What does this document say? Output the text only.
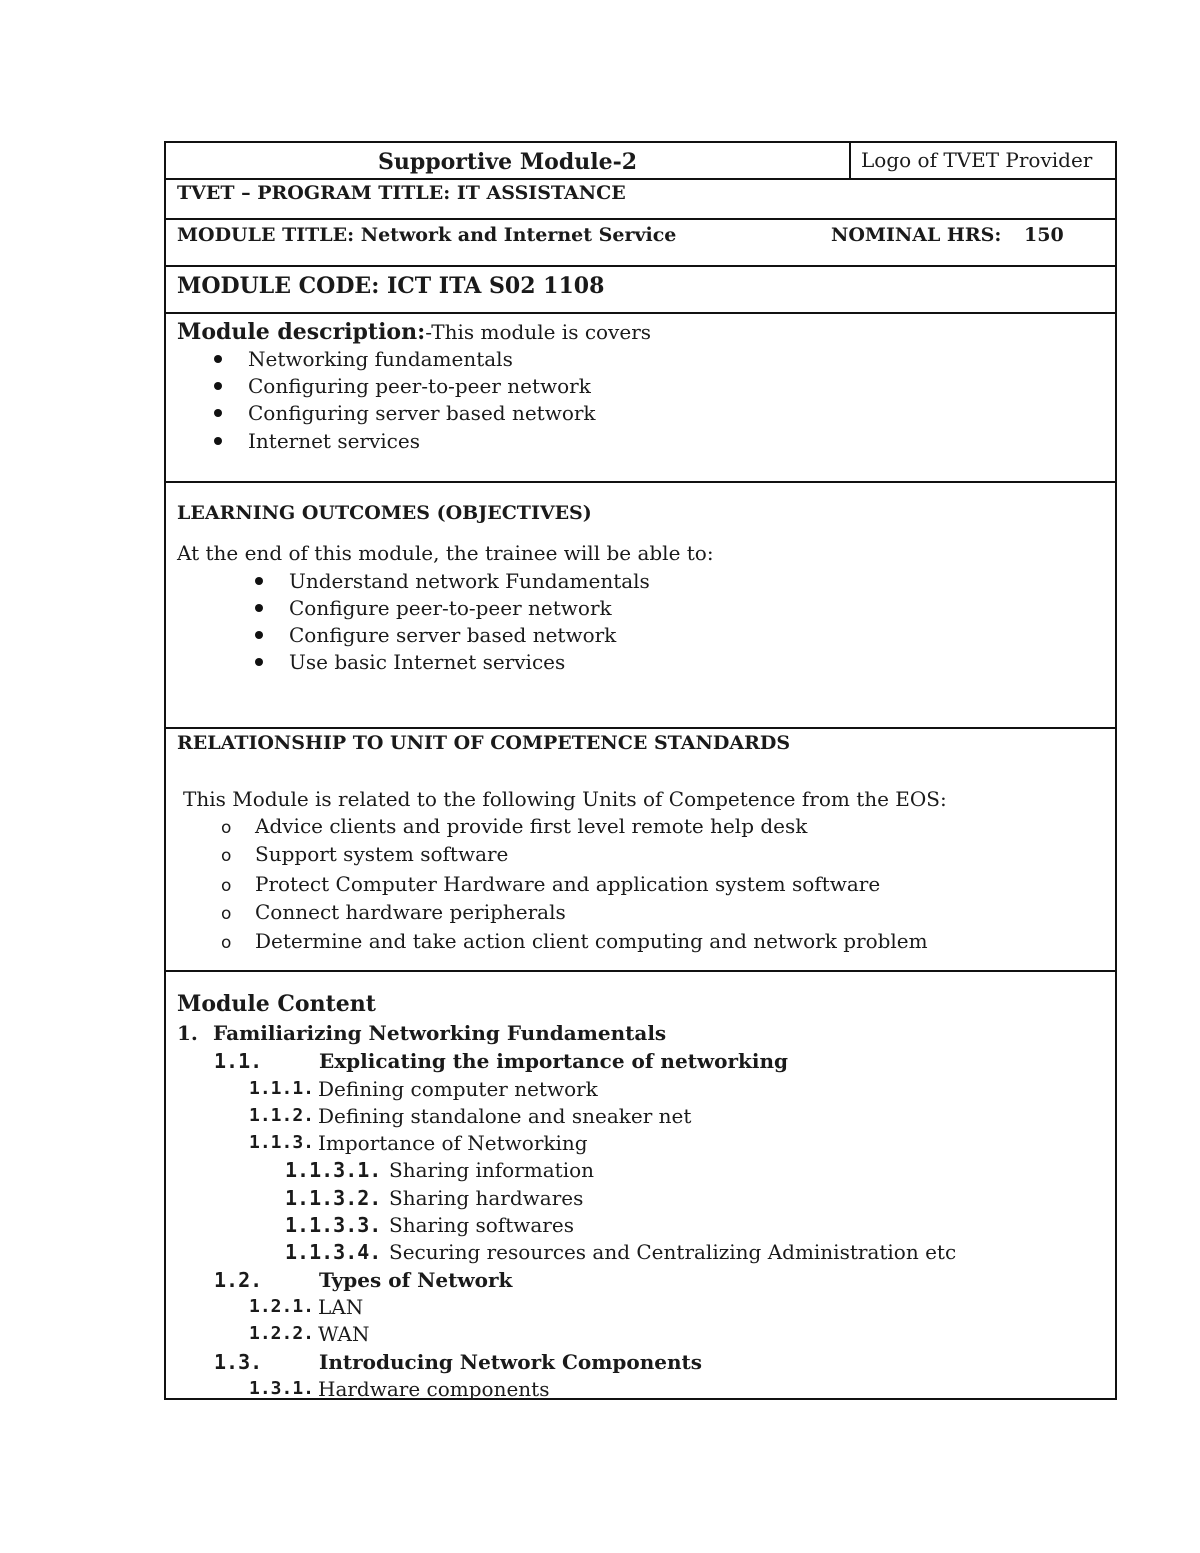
Supportive Module-2	Logo of TVET Provider
TVET – PROGRAM TITLE: IT ASSISTANCE
MODULE TITLE: Network and Internet Service	NOMINAL HRS: 150
MODULE CODE: ICT ITA S02 1108
Module description:-This module is covers
Networking fundamentals
Configuring peer-to-peer network
Configuring server based network
Internet services
LEARNING OUTCOMES (OBJECTIVES)
At the end of this module, the trainee will be able to:
Understand network Fundamentals
Configure peer-to-peer network
Configure server based network
Use basic Internet services
RELATIONSHIP TO UNIT OF COMPETENCE STANDARDS
This Module is related to the following Units of Competence from the EOS:
o Advice clients and provide first level remote help desk
o Support system software
o Protect Computer Hardware and application system software
o Connect hardware peripherals
o Determine and take action client computing and network problem
Module Content
1. Familiarizing Networking Fundamentals
1.1.	Explicating the importance of networking
1.1.1. Defining computer network
1.1.2. Defining standalone and sneaker net
1.1.3. Importance of Networking
1.1.3.1. Sharing information
1.1.3.2. Sharing hardwares
1.1.3.3. Sharing softwares
1.1.3.4. Securing resources and Centralizing Administration etc
1.2.	Types of Network
1.2.1. LAN
1.2.2. WAN
1.3.	Introducing Network Components
1.3.1. Hardware components
